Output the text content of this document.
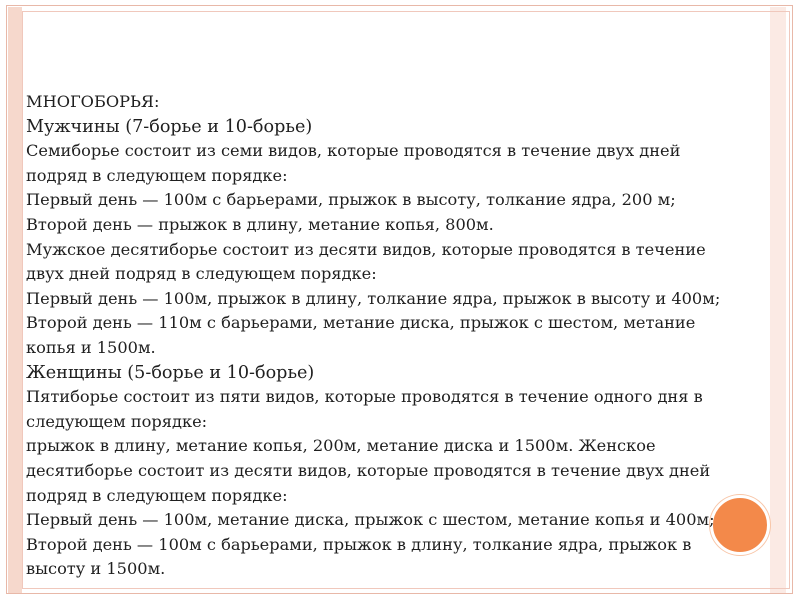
МНОГОБОРЬЯ:
Мужчины (7-борье и 10-борье)
Семиборье состоит из семи видов, которые проводятся в течение двух дней подряд в следующем порядке:
Первый день — 100м с барьерами, прыжок в высоту, толкание ядра, 200 м; Второй день — прыжок в длину, метание копья, 800м.
Мужское десятиборье состоит из десяти видов, которые проводятся в течение двух дней подряд в следующем порядке:
Первый день — 100м, прыжок в длину, толкание ядра, прыжок в высоту и 400м; Второй день — 110м с барьерами, метание диска, прыжок с шестом, метание копья и 1500м.
Женщины (5-борье и 10-борье)
Пятиборье состоит из пяти видов, которые проводятся в течение одного дня в следующем порядке:
прыжок в длину, метание копья, 200м, метание диска и 1500м. Женское десятиборье состоит из десяти видов, которые проводятся в течение двух дней подряд в следующем порядке:
Первый день — 100м, метание диска, прыжок с шестом, метание копья и 400м; Второй день — 100м с барьерами, прыжок в длину, толкание ядра, прыжок в высоту и 1500м.
